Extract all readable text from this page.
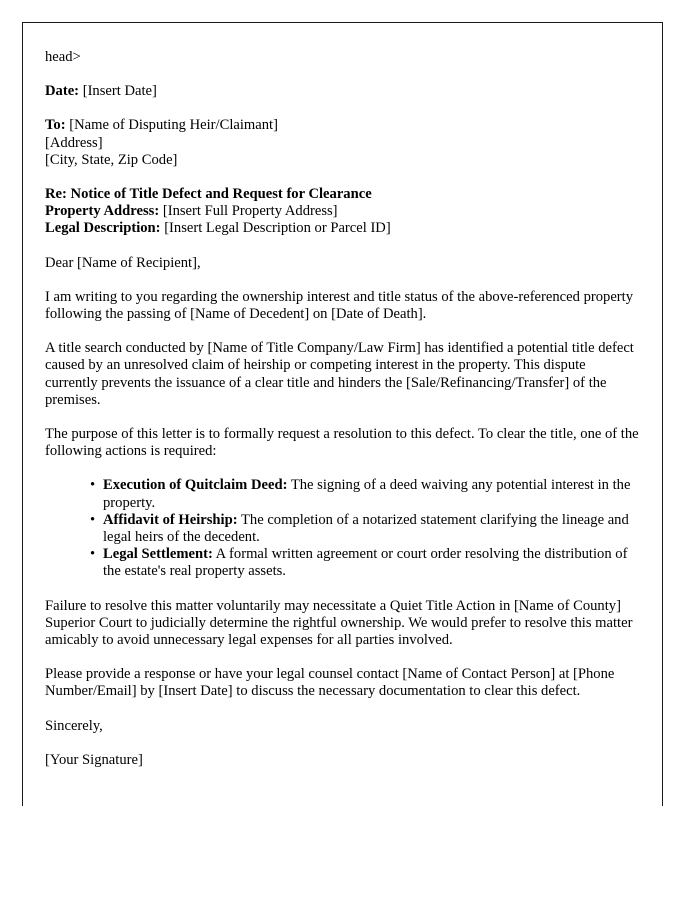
head>

Date: [Insert Date]

To: [Name of Disputing Heir/Claimant]

[Address]

[City, State, Zip Code]

Re: Notice of Title Defect and Request for Clearance

Property Address: [Insert Full Property Address]

Legal Description: [Insert Legal Description or Parcel ID]

Dear [Name of Recipient],

I am writing to you regarding the ownership interest and title status of the above-referenced property following the passing of [Name of Decedent] on [Date of Death].

A title search conducted by [Name of Title Company/Law Firm] has identified a potential title defect caused by an unresolved claim of heirship or competing interest in the property. This dispute currently prevents the issuance of a clear title and hinders the [Sale/Refinancing/Transfer] of the premises.

The purpose of this letter is to formally request a resolution to this defect. To clear the title, one of the following actions is required:

• Execution of Quitclaim Deed: The signing of a deed waiving any potential interest in the property.
• Affidavit of Heirship: The completion of a notarized statement clarifying the lineage and legal heirs of the decedent.
• Legal Settlement: A formal written agreement or court order resolving the distribution of the estate's real property assets.

Failure to resolve this matter voluntarily may necessitate a Quiet Title Action in [Name of County] Superior Court to judicially determine the rightful ownership. We would prefer to resolve this matter amicably to avoid unnecessary legal expenses for all parties involved.

Please provide a response or have your legal counsel contact [Name of Contact Person] at [Phone Number/Email] by [Insert Date] to discuss the necessary documentation to clear this defect.

Sincerely,

[Your Signature]
